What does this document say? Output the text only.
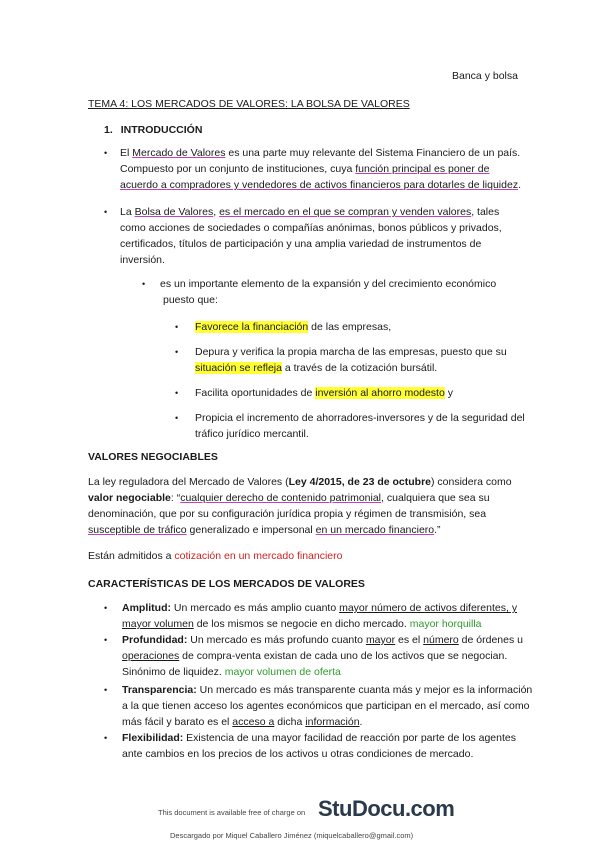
Banca y bolsa
TEMA 4: LOS MERCADOS DE VALORES: LA BOLSA DE VALORES
1. INTRODUCCIÓN
• El Mercado de Valores es una parte muy relevante del Sistema Financiero de un país.
Compuesto por un conjunto de instituciones, cuya función principal es poner de
acuerdo a compradores y vendedores de activos financieros para dotarles de liquidez.
• La Bolsa de Valores, es el mercado en el que se compran y venden valores, tales
como acciones de sociedades o compañías anónimas, bonos públicos y privados,
certificados, títulos de participación y una amplia variedad de instrumentos de
inversión.
• es un importante elemento de la expansión y del crecimiento económico
puesto que:
• Favorece la financiación de las empresas,
• Depura y verifica la propia marcha de las empresas, puesto que su
situación se refleja a través de la cotización bursátil.
• Facilita oportunidades de inversión al ahorro modesto y
• Propicia el incremento de ahorradores-inversores y de la seguridad del
tráfico jurídico mercantil.
VALORES NEGOCIABLES
La ley reguladora del Mercado de Valores (Ley 4/2015, de 23 de octubre) considera como
valor negociable: “cualquier derecho de contenido patrimonial, cualquiera que sea su
denominación, que por su configuración jurídica propia y régimen de transmisión, sea
susceptible de tráfico generalizado e impersonal en un mercado financiero.”
Están admitidos a cotización en un mercado financiero
CARACTERÍSTICAS DE LOS MERCADOS DE VALORES
• Amplitud: Un mercado es más amplio cuanto mayor número de activos diferentes, y
mayor volumen de los mismos se negocie en dicho mercado. mayor horquilla
• Profundidad: Un mercado es más profundo cuanto mayor es el número de órdenes u
operaciones de compra-venta existan de cada uno de los activos que se negocian.
Sinónimo de liquidez. mayor volumen de oferta
• Transparencia: Un mercado es más transparente cuanta más y mejor es la información
a la que tienen acceso los agentes económicos que participan en el mercado, así como
más fácil y barato es el acceso a dicha información.
• Flexibilidad: Existencia de una mayor facilidad de reacción por parte de los agentes
ante cambios en los precios de los activos u otras condiciones de mercado.
This document is available free of charge on StuDocu.com
Descargado por Miquel Caballero Jiménez (miquelcaballero@gmail.com)
